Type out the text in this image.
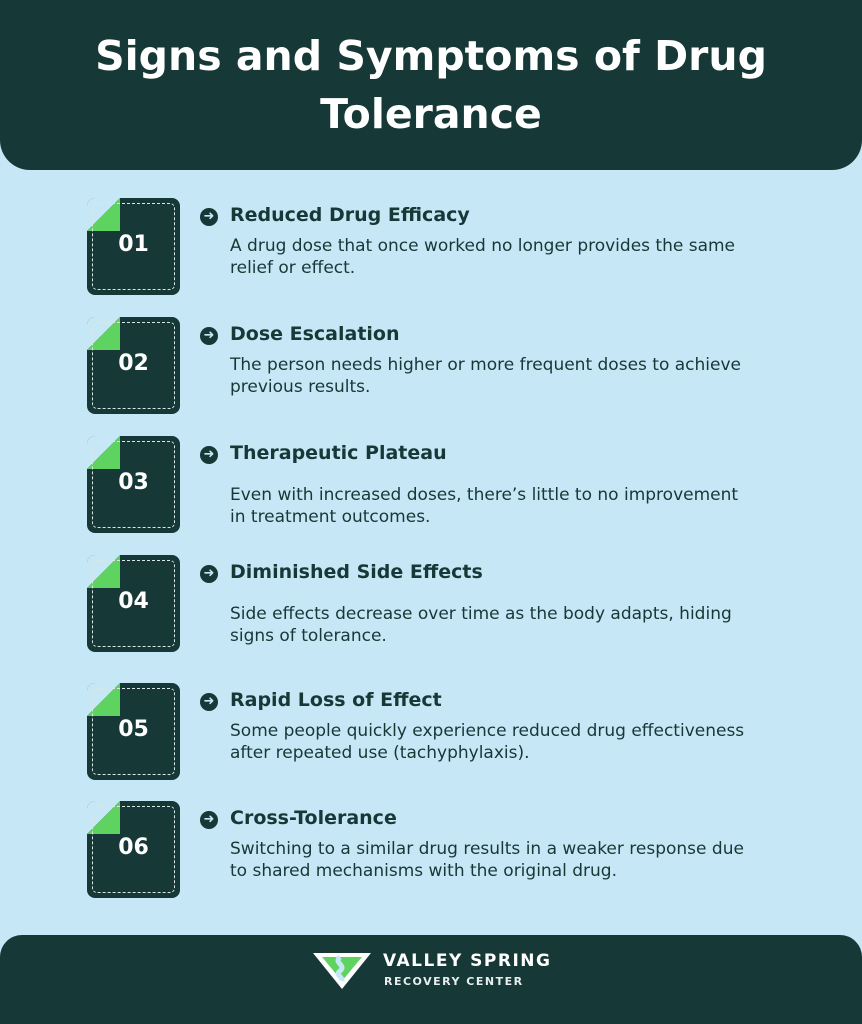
Signs and Symptoms of Drug Tolerance
01
➜ Reduced Drug Efficacy
A drug dose that once worked no longer provides the same relief or effect.
02
➜ Dose Escalation
The person needs higher or more frequent doses to achieve previous results.
03
➜ Therapeutic Plateau
Even with increased doses, there’s little to no improvement in treatment outcomes.
04
➜ Diminished Side Effects
Side effects decrease over time as the body adapts, hiding signs of tolerance.
05
➜ Rapid Loss of Effect
Some people quickly experience reduced drug effectiveness after repeated use (tachyphylaxis).
06
➜ Cross-Tolerance
Switching to a similar drug results in a weaker response due to shared mechanisms with the original drug.
VALLEY SPRING
RECOVERY CENTER
